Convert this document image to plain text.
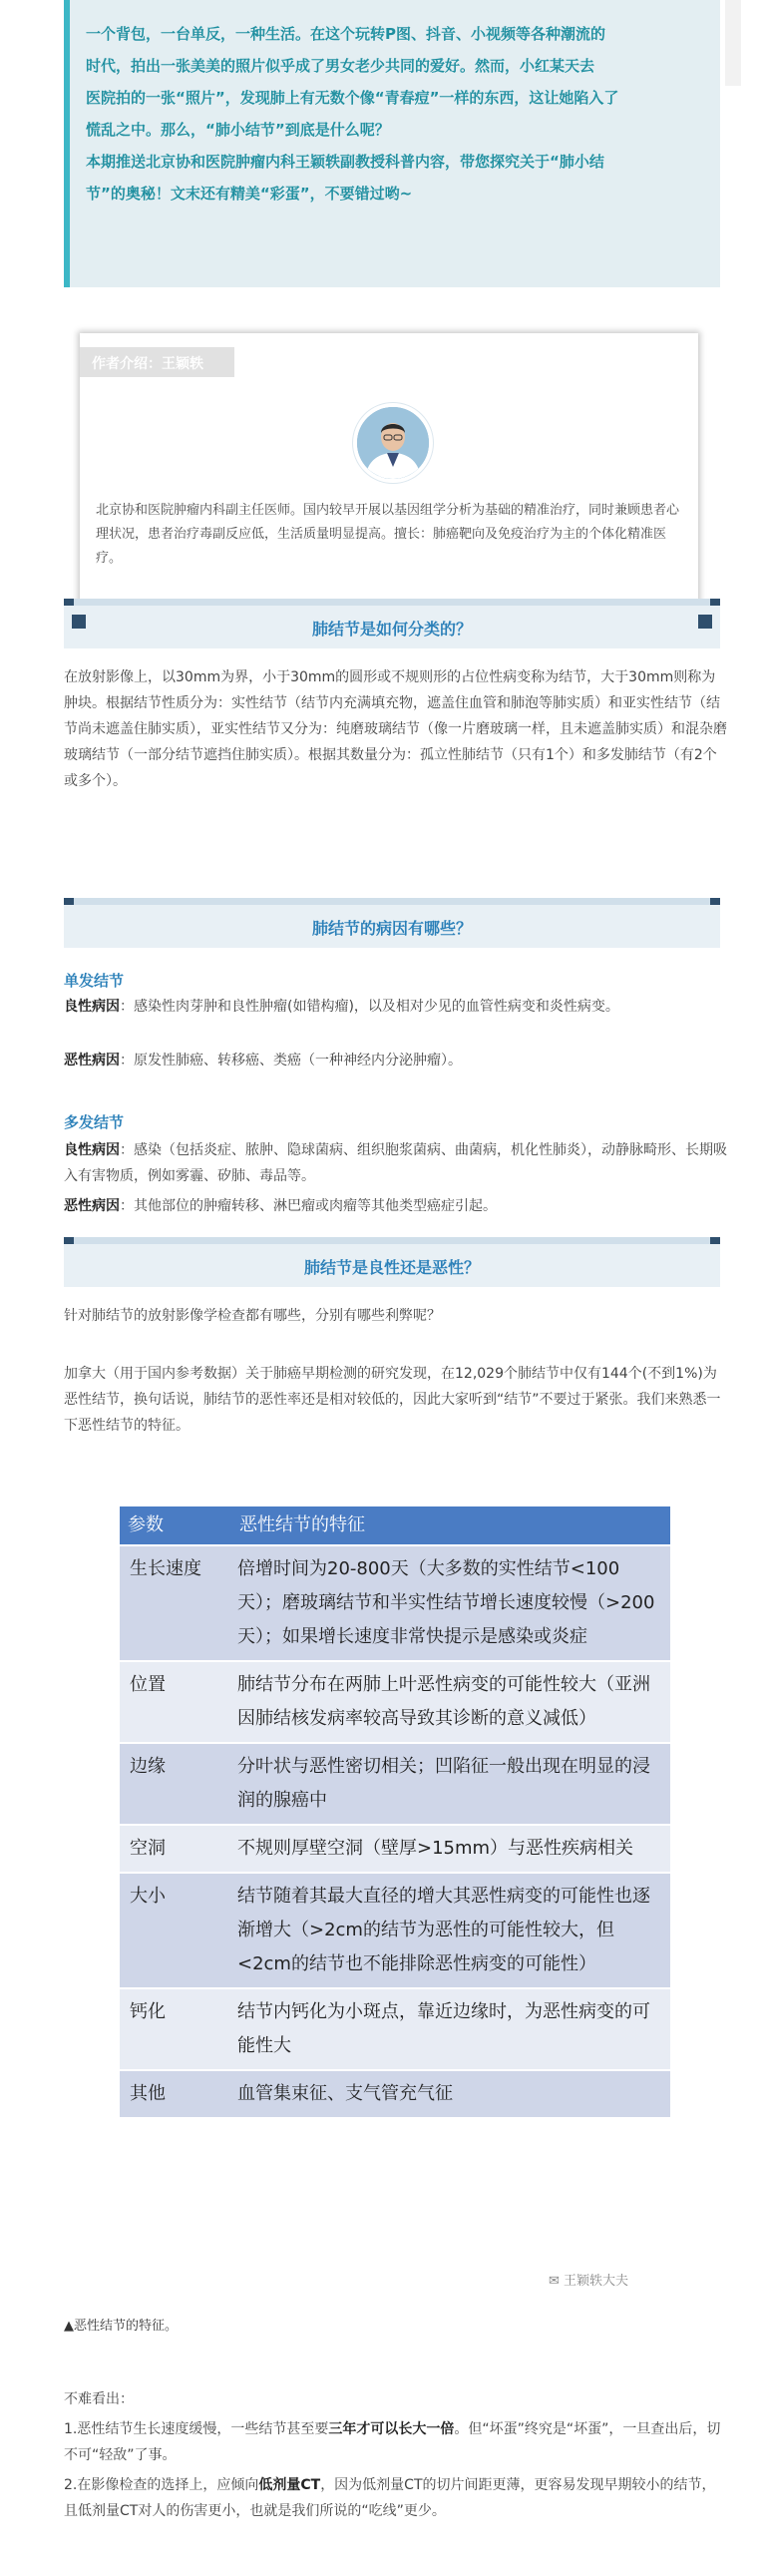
一个背包，一台单反，一种生活。在这个玩转P图、抖音、小视频等各种潮流的

时代，拍出一张美美的照片似乎成了男女老少共同的爱好。然而，小红某天去

医院拍的一张“照片”，发现肺上有无数个像“青春痘”一样的东西，这让她陷入了

慌乱之中。那么，“肺小结节”到底是什么呢？

本期推送北京协和医院肿瘤内科王颖轶副教授科普内容，带您探究关于“肺小结

节”的奥秘！文末还有精美“彩蛋”，不要错过哟~

作者介绍：王颖轶
北京协和医院肿瘤内科副主任医师。国内较早开展以基因组学分析为基础的精准治疗，同时兼顾患者心理状况，患者治疗毒副反应低，生活质量明显提高。擅长：肺癌靶向及免疫治疗为主的个体化精准医疗。
肺结节是如何分类的？

在放射影像上，以30mm为界，小于30mm的圆形或不规则形的占位性病变称为结节，大于30mm则称为肿块。根据结节性质分为：实性结节（结节内充满填充物，遮盖住血管和肺泡等肺实质）和亚实性结节（结节尚未遮盖住肺实质），亚实性结节又分为：纯磨玻璃结节（像一片磨玻璃一样，且未遮盖肺实质）和混杂磨玻璃结节（一部分结节遮挡住肺实质）。根据其数量分为：孤立性肺结节（只有1个）和多发肺结节（有2个或多个）。

肺结节的病因有哪些？
单发结节

良性病因：感染性肉芽肿和良性肿瘤(如错构瘤)，以及相对少见的血管性病变和炎性病变。

恶性病因：原发性肺癌、转移癌、类癌（一种神经内分泌肿瘤）。

多发结节

良性病因：感染（包括炎症、脓肿、隐球菌病、组织胞浆菌病、曲菌病，机化性肺炎），动静脉畸形、长期吸入有害物质，例如雾霾、矽肺、毒品等。

恶性病因：其他部位的肿瘤转移、淋巴瘤或肉瘤等其他类型癌症引起。

肺结节是良性还是恶性？

针对肺结节的放射影像学检查都有哪些，分别有哪些利弊呢？

加拿大（用于国内参考数据）关于肺癌早期检测的研究发现，在12,029个肺结节中仅有144个(不到1%)为恶性结节，换句话说，肺结节的恶性率还是相对较低的，因此大家听到“结节”不要过于紧张。我们来熟悉一下恶性结节的特征。

参数	恶性结节的特征
生长速度	倍增时间为20-800天（大多数的实性结节<100天）；磨玻璃结节和半实性结节增长速度较慢（>200天）；如果增长速度非常快提示是感染或炎症
位置	肺结节分布在两肺上叶恶性病变的可能性较大（亚洲因肺结核发病率较高导致其诊断的意义减低）
边缘	分叶状与恶性密切相关；凹陷征一般出现在明显的浸润的腺癌中
空洞	不规则厚壁空洞（壁厚>15mm）与恶性疾病相关
大小	结节随着其最大直径的增大其恶性病变的可能性也逐渐增大（>2cm的结节为恶性的可能性较大，但<2cm的结节也不能排除恶性病变的可能性）
钙化	结节内钙化为小斑点，靠近边缘时，为恶性病变的可能性大
其他	血管集束征、支气管充气征
✉ 王颖轶大夫
▲恶性结节的特征。

不难看出：

1.恶性结节生长速度缓慢，一些结节甚至要三年才可以长大一倍。但“坏蛋”终究是“坏蛋”，一旦查出后，切不可“轻敌”了事。

2.在影像检查的选择上，应倾向低剂量CT，因为低剂量CT的切片间距更薄，更容易发现早期较小的结节，且低剂量CT对人的伤害更小，也就是我们所说的“吃线”更少。
